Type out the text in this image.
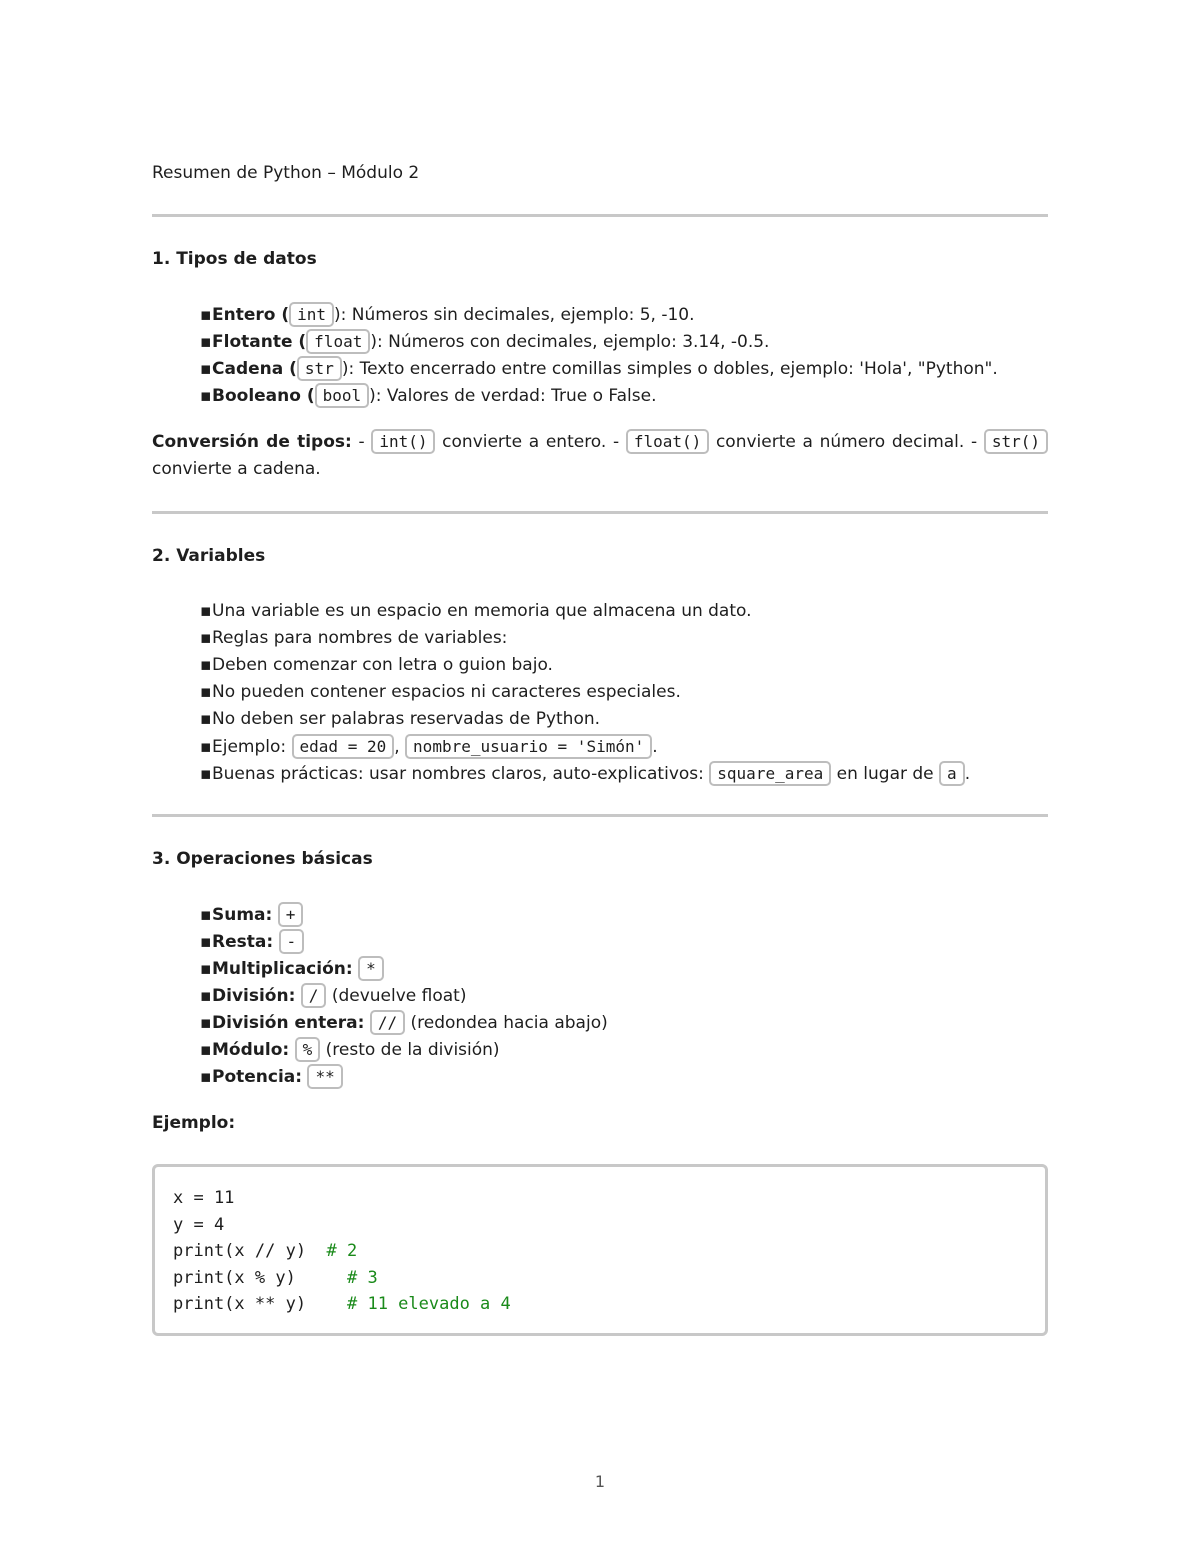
Resumen de Python – Módulo 2
1. Tipos de datos
▪Entero ( int ): Números sin decimales, ejemplo: 5, -10.
▪Flotante ( float ): Números con decimales, ejemplo: 3.14, -0.5.
▪Cadena ( str ): Texto encerrado entre comillas simples o dobles, ejemplo: 'Hola', "Python".
▪Booleano ( bool ): Valores de verdad: True o False.

Conversión de tipos: - int() convierte a entero. - float() convierte a número decimal. - str() convierte a cadena.

2. Variables
▪Una variable es un espacio en memoria que almacena un dato.
▪Reglas para nombres de variables:
▪Deben comenzar con letra o guion bajo.
▪No pueden contener espacios ni caracteres especiales.
▪No deben ser palabras reservadas de Python.
▪Ejemplo: edad = 20 , nombre_usuario = 'Simón' .
▪Buenas prácticas: usar nombres claros, auto-explicativos: square_area en lugar de a .
3. Operaciones básicas
▪Suma: +
▪Resta: -
▪Multiplicación: *
▪División: / (devuelve float)
▪División entera: // (redondea hacia abajo)
▪Módulo: % (resto de la división)
▪Potencia: **
Ejemplo:
x = 11
y = 4
print(x // y)  # 2
print(x % y)     # 3
print(x ** y)    # 11 elevado a 4
1
